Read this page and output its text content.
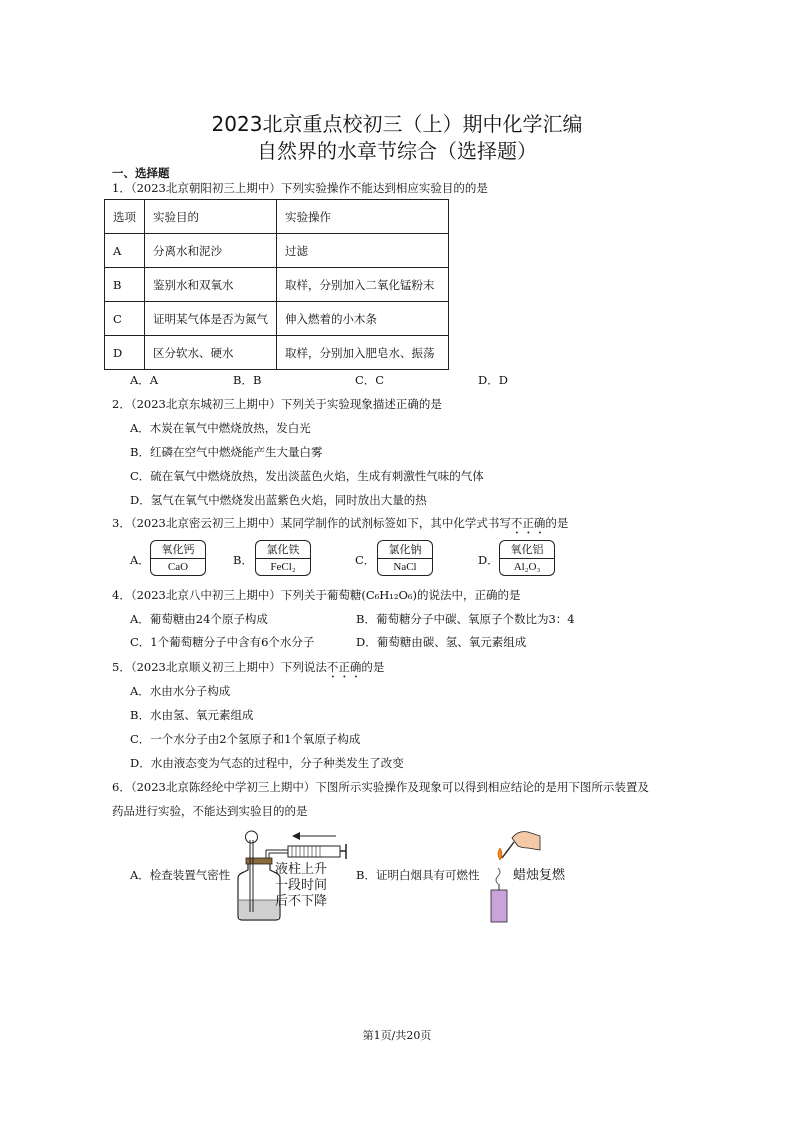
2023北京重点校初三（上）期中化学汇编
自然界的水章节综合（选择题）
一、选择题
1．（2023北京朝阳初三上期中）下列实验操作不能达到相应实验目的的是
选项	实验目的	实验操作
A	分离水和泥沙	过滤
B	鉴别水和双氧水	取样，分别加入二氧化锰粉末
C	证明某气体是否为氮气	伸入燃着的小木条
D	区分软水、硬水	取样，分别加入肥皂水、振荡
A．A	B．B	C．C	D．D
2．（2023北京东城初三上期中）下列关于实验现象描述正确的是
A．木炭在氧气中燃烧放热，发白光
B．红磷在空气中燃烧能产生大量白雾
C．硫在氧气中燃烧放热，发出淡蓝色火焰，生成有刺激性气味的气体
D．氢气在氧气中燃烧发出蓝紫色火焰，同时放出大量的热
3．（2023北京密云初三上期中）某同学制作的试剂标签如下，其中化学式书写不正确的是
A．
氧化钙
CaO	B．
氯化铁
FeCl₂	C．
氯化钠
NaCl	D．
氧化铝
Al₂O₃
4．（2023北京八中初三上期中）下列关于葡萄糖(C₆H₁₂O₆)的说法中，正确的是
A．葡萄糖由24个原子构成	B．葡萄糖分子中碳、氧原子个数比为3：4
C．1个葡萄糖分子中含有6个水分子	D．葡萄糖由碳、氢、氧元素组成
5．（2023北京顺义初三上期中）下列说法不正确的是
A．水由水分子构成
B．水由氢、氧元素组成
C．一个水分子由2个氢原子和1个氧原子构成
D．水由液态变为气态的过程中，分子种类发生了改变
6．（2023北京陈经纶中学初三上期中）下图所示实验操作及现象可以得到相应结论的是用下图所示装置及
药品进行实验，不能达到实验目的的是
A．检查装置气密性	液柱上升
一段时间
后不下降
B．证明白烟具有可燃性	蜡烛复燃
第1页/共20页
